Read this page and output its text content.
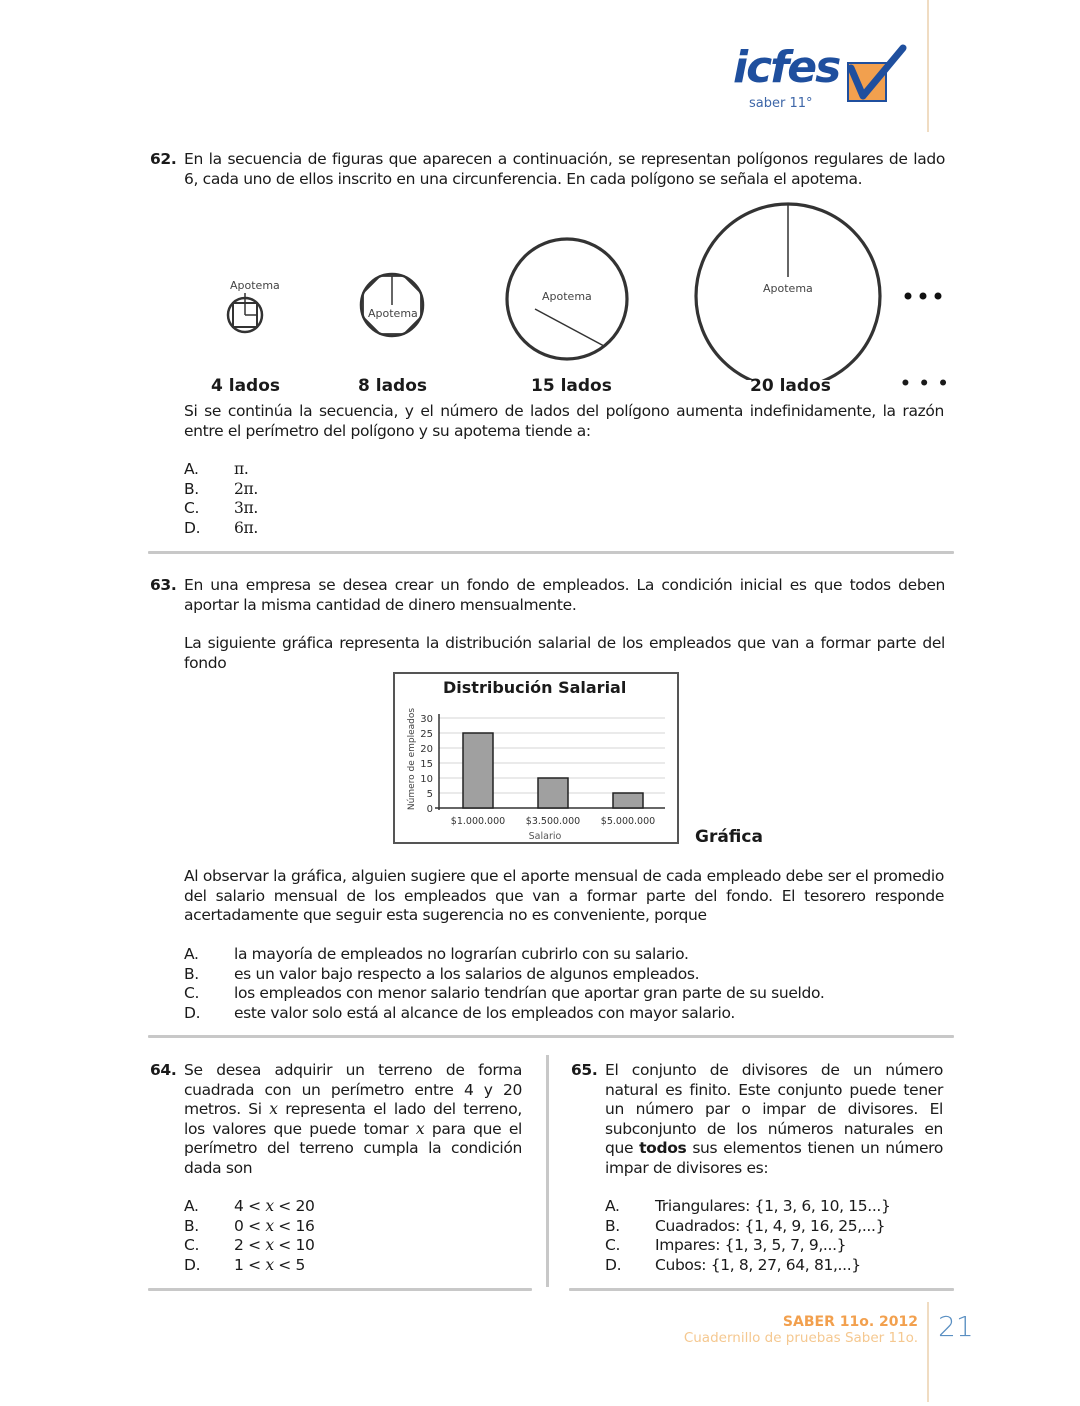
icfes
saber 11°
62. En la secuencia de figuras que aparecen a continuación, se representan polígonos regulares de lado 6, cada uno de ellos inscrito en una circunferencia. En cada polígono se señala el apotema.
Apotema
Apotema
Apotema
Apotema
4 lados	8 lados	15 lados	20 lados	• • •
Si se continúa la secuencia, y el número de lados del polígono aumenta indefinidamente, la razón entre el perímetro del polígono y su apotema tiende a:
A.	π.
B.	2π.
C.	3π.
D.	6π.
63. En una empresa se desea crear un fondo de empleados. La condición inicial es que todos deben aportar la misma cantidad de dinero mensualmente.
La siguiente gráfica representa la distribución salarial de los empleados que van a formar parte del fondo
Distribución Salarial
Número de empleados 0
5
10
15
20
25
30
$1.000.000 $3.500.000 $5.000.000
Salario	Gráfica
Al observar la gráfica, alguien sugiere que el aporte mensual de cada empleado debe ser el promedio del salario mensual de los empleados que van a formar parte del fondo. El tesorero responde acertadamente que seguir esta sugerencia no es conveniente, porque
A.	la mayoría de empleados no lograrían cubrirlo con su salario.
B.	es un valor bajo respecto a los salarios de algunos empleados.
C.	los empleados con menor salario tendrían que aportar gran parte de su sueldo.
D.	este valor solo está al alcance de los empleados con mayor salario.
64. Se desea adquirir un terreno de forma cuadrada con un perímetro entre 4 y 20 metros. Si x representa el lado del terreno, los valores que puede tomar x para que el perímetro del terreno cumpla la condición dada son
A.	4 < x < 20
B.	0 < x < 16
C.	2 < x < 10
D.	1 < x < 5
65. El conjunto de divisores de un número natural es finito. Este conjunto puede tener un número par o impar de divisores. El subconjunto de los números naturales en que todos sus elementos tienen un número impar de divisores es:
A.	Triangulares: {1, 3, 6, 10, 15...}
B.	Cuadrados: {1, 4, 9, 16, 25,...}
C.	Impares: {1, 3, 5, 7, 9,...}
D.	Cubos: {1, 8, 27, 64, 81,...}
SABER 11o. 2012
Cuadernillo de pruebas Saber 11o. 21
